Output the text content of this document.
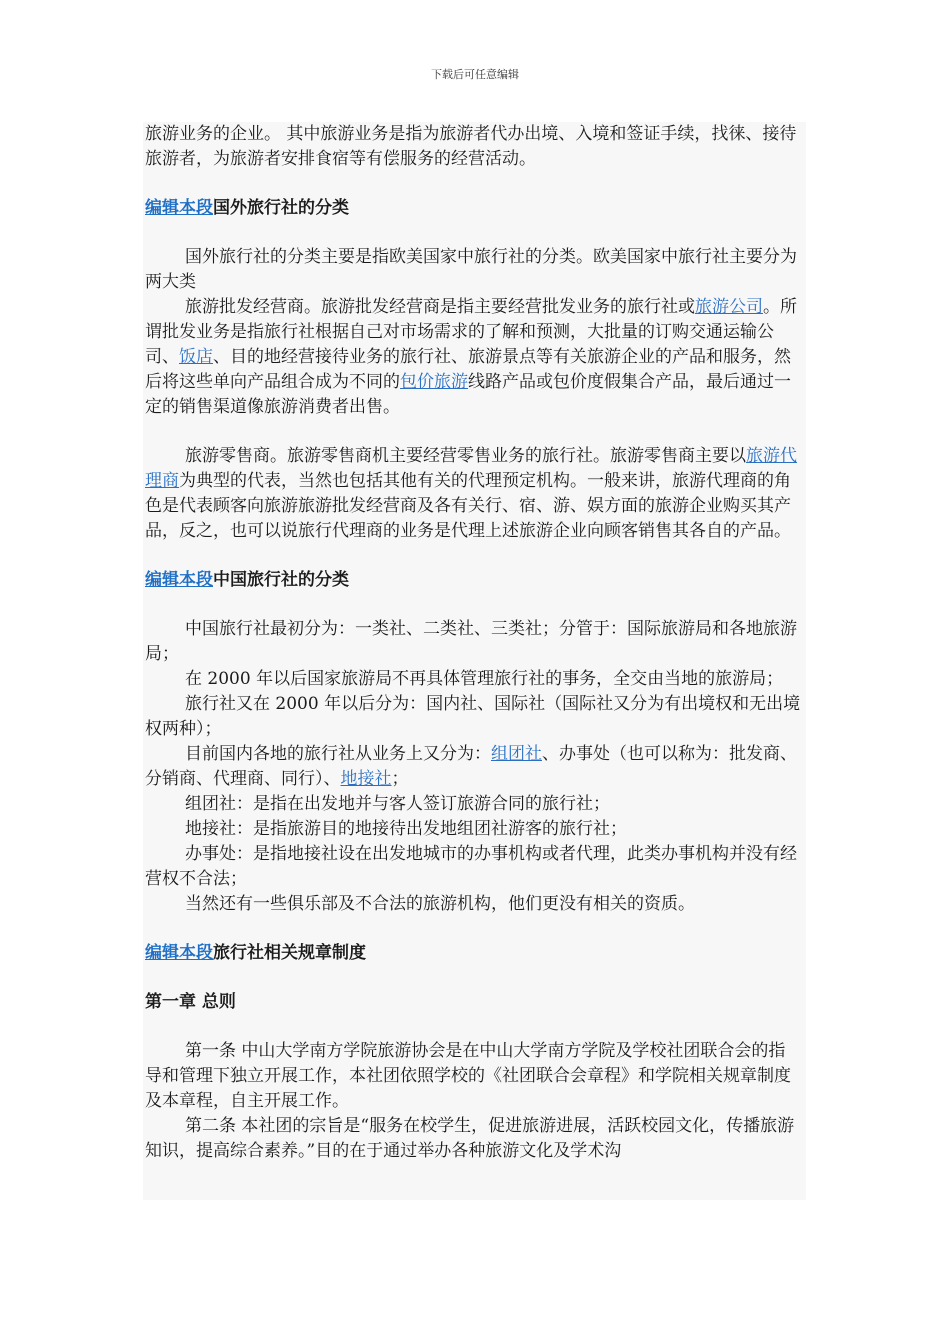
下载后可任意编辑

旅游业务的企业。 其中旅游业务是指为旅游者代办出境、入境和签证手续，找徕、接待旅游者，为旅游者安排食宿等有偿服务的经营活动。

编辑本段国外旅行社的分类

国外旅行社的分类主要是指欧美国家中旅行社的分类。欧美国家中旅行社主要分为两大类

旅游批发经营商。旅游批发经营商是指主要经营批发业务的旅行社或旅游公司。所谓批发业务是指旅行社根据自己对市场需求的了解和预测，大批量的订购交通运输公司、饭店、目的地经营接待业务的旅行社、旅游景点等有关旅游企业的产品和服务，然后将这些单向产品组合成为不同的包价旅游线路产品或包价度假集合产品，最后通过一定的销售渠道像旅游消费者出售。

旅游零售商。旅游零售商机主要经营零售业务的旅行社。旅游零售商主要以旅游代理商为典型的代表，当然也包括其他有关的代理预定机构。一般来讲，旅游代理商的角色是代表顾客向旅游旅游批发经营商及各有关行、宿、游、娱方面的旅游企业购买其产品，反之，也可以说旅行代理商的业务是代理上述旅游企业向顾客销售其各自的产品。

编辑本段中国旅行社的分类

中国旅行社最初分为：一类社、二类社、三类社；分管于：国际旅游局和各地旅游局；

在 2000 年以后国家旅游局不再具体管理旅行社的事务，全交由当地的旅游局；

旅行社又在 2000 年以后分为：国内社、国际社（国际社又分为有出境权和无出境权两种）；

目前国内各地的旅行社从业务上又分为：组团社、办事处（也可以称为：批发商、分销商、代理商、同行）、地接社；

组团社：是指在出发地并与客人签订旅游合同的旅行社；

地接社：是指旅游目的地接待出发地组团社游客的旅行社；

办事处：是指地接社设在出发地城市的办事机构或者代理，此类办事机构并没有经营权不合法；

当然还有一些俱乐部及不合法的旅游机构，他们更没有相关的资质。

编辑本段旅行社相关规章制度

第一章 总则

第一条 中山大学南方学院旅游协会是在中山大学南方学院及学校社团联合会的指导和管理下独立开展工作，本社团依照学校的《社团联合会章程》和学院相关规章制度及本章程，自主开展工作。

第二条 本社团的宗旨是“服务在校学生，促进旅游进展，活跃校园文化，传播旅游知识，提高综合素养。”目的在于通过举办各种旅游文化及学术沟
